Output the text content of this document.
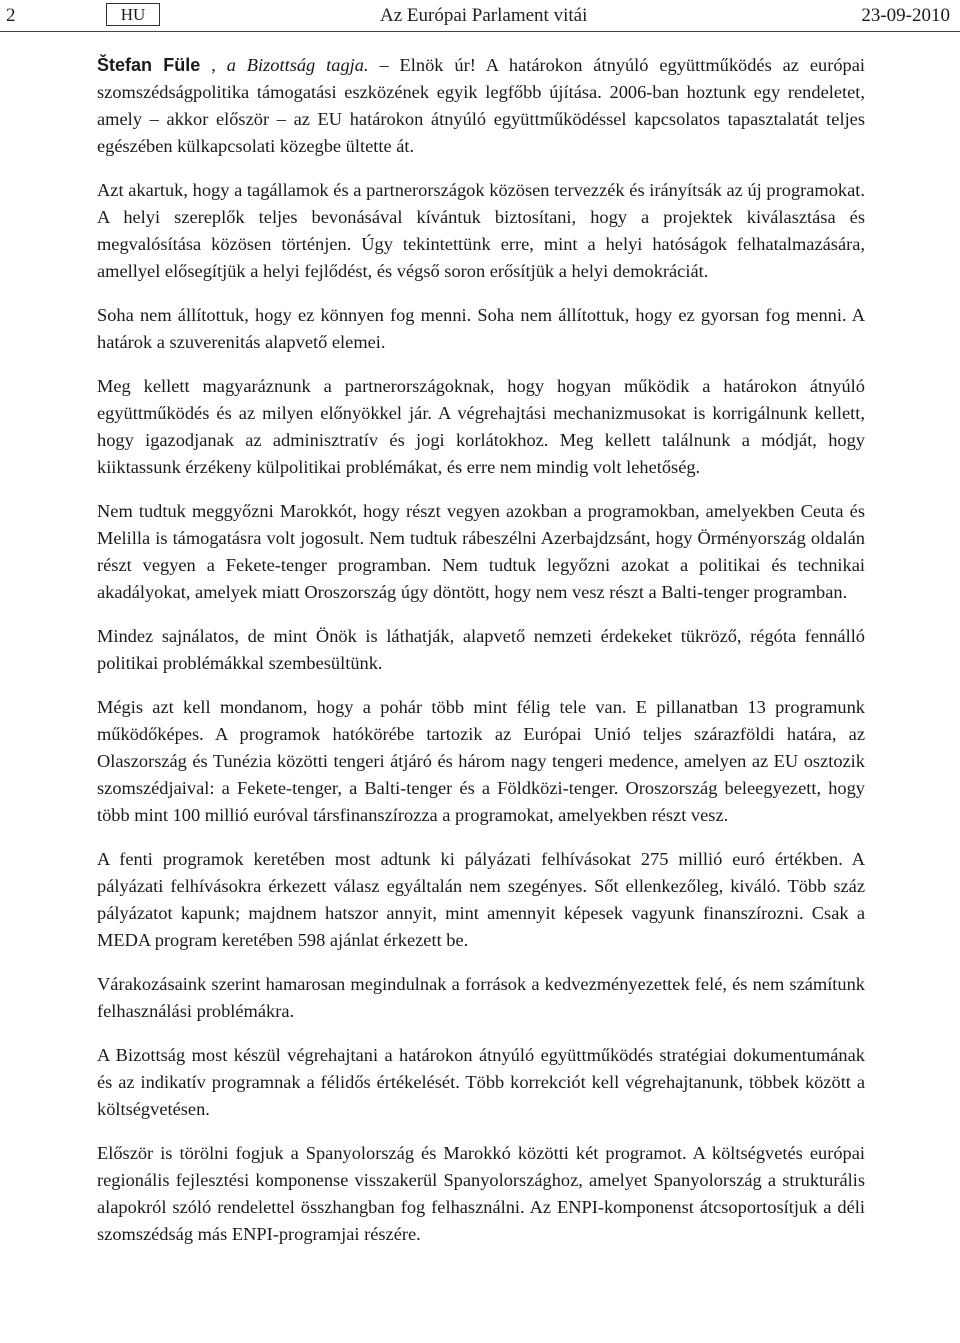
2	HU	Az Európai Parlament vitái	23-09-2010

Štefan Füle , a Bizottság tagja. – Elnök úr! A határokon átnyúló együttműködés az európai szomszédságpolitika támogatási eszközének egyik legfőbb újítása. 2006-ban hoztunk egy rendeletet, amely – akkor először – az EU határokon átnyúló együttműködéssel kapcsolatos tapasztalatát teljes egészében külkapcsolati közegbe ültette át.

Azt akartuk, hogy a tagállamok és a partnerországok közösen tervezzék és irányítsák az új programokat. A helyi szereplők teljes bevonásával kívántuk biztosítani, hogy a projektek kiválasztása és megvalósítása közösen történjen. Úgy tekintettünk erre, mint a helyi hatóságok felhatalmazására, amellyel elősegítjük a helyi fejlődést, és végső soron erősítjük a helyi demokráciát.

Soha nem állítottuk, hogy ez könnyen fog menni. Soha nem állítottuk, hogy ez gyorsan fog menni. A határok a szuverenitás alapvető elemei.

Meg kellett magyaráznunk a partnerországoknak, hogy hogyan működik a határokon átnyúló együttműködés és az milyen előnyökkel jár. A végrehajtási mechanizmusokat is korrigálnunk kellett, hogy igazodjanak az adminisztratív és jogi korlátokhoz. Meg kellett találnunk a módját, hogy kiiktassunk érzékeny külpolitikai problémákat, és erre nem mindig volt lehetőség.

Nem tudtuk meggyőzni Marokkót, hogy részt vegyen azokban a programokban, amelyekben Ceuta és Melilla is támogatásra volt jogosult. Nem tudtuk rábeszélni Azerbajdzsánt, hogy Örményország oldalán részt vegyen a Fekete-tenger programban. Nem tudtuk legyőzni azokat a politikai és technikai akadályokat, amelyek miatt Oroszország úgy döntött, hogy nem vesz részt a Balti-tenger programban.

Mindez sajnálatos, de mint Önök is láthatják, alapvető nemzeti érdekeket tükröző, régóta fennálló politikai problémákkal szembesültünk.

Mégis azt kell mondanom, hogy a pohár több mint félig tele van. E pillanatban 13 programunk működőképes. A programok hatókörébe tartozik az Európai Unió teljes szárazföldi határa, az Olaszország és Tunézia közötti tengeri átjáró és három nagy tengeri medence, amelyen az EU osztozik szomszédjaival: a Fekete-tenger, a Balti-tenger és a Földközi-tenger. Oroszország beleegyezett, hogy több mint 100 millió euróval társfinanszírozza a programokat, amelyekben részt vesz.

A fenti programok keretében most adtunk ki pályázati felhívásokat 275 millió euró értékben. A pályázati felhívásokra érkezett válasz egyáltalán nem szegényes. Sőt ellenkezőleg, kiváló. Több száz pályázatot kapunk; majdnem hatszor annyit, mint amennyit képesek vagyunk finanszírozni. Csak a MEDA program keretében 598 ajánlat érkezett be.

Várakozásaink szerint hamarosan megindulnak a források a kedvezményezettek felé, és nem számítunk felhasználási problémákra.

A Bizottság most készül végrehajtani a határokon átnyúló együttműködés stratégiai dokumentumának és az indikatív programnak a félidős értékelését. Több korrekciót kell végrehajtanunk, többek között a költségvetésen.

Először is törölni fogjuk a Spanyolország és Marokkó közötti két programot. A költségvetés európai regionális fejlesztési komponense visszakerül Spanyolországhoz, amelyet Spanyolország a strukturális alapokról szóló rendelettel összhangban fog felhasználni. Az ENPI-komponenst átcsoportosítjuk a déli szomszédság más ENPI-programjai részére.
